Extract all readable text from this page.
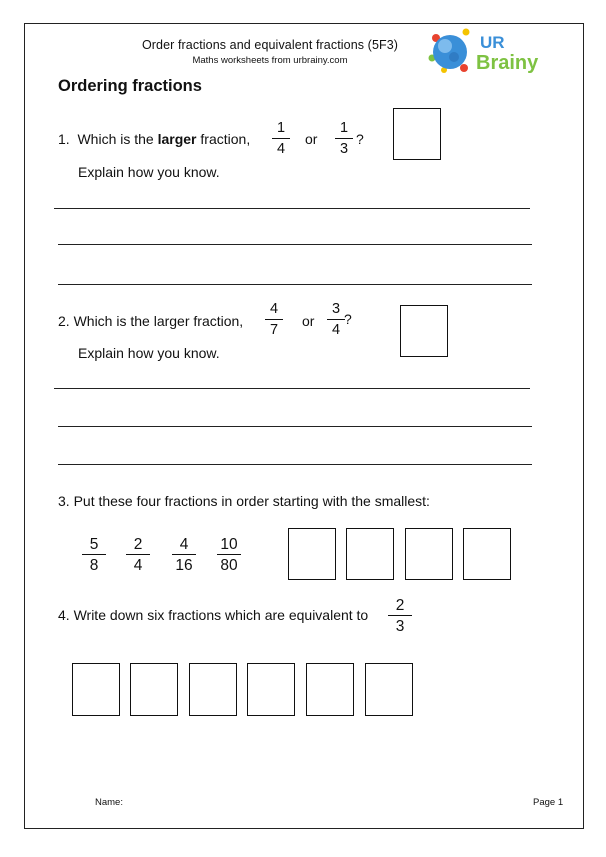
Order fractions and equivalent fractions (5F3)
Maths worksheets from urbrainy.com
UR
Brainy
Ordering fractions
1.  Which is the larger fraction,
1
4
or
1
3
?
Explain how you know.
2. Which is the larger fraction,
4
7
or
3
4
?
Explain how you know.
3. Put these four fractions in order starting with the smallest:
5
8
2
4
4
16
10
80
4. Write down six fractions which are equivalent to
2
3
Name:	Page 1
